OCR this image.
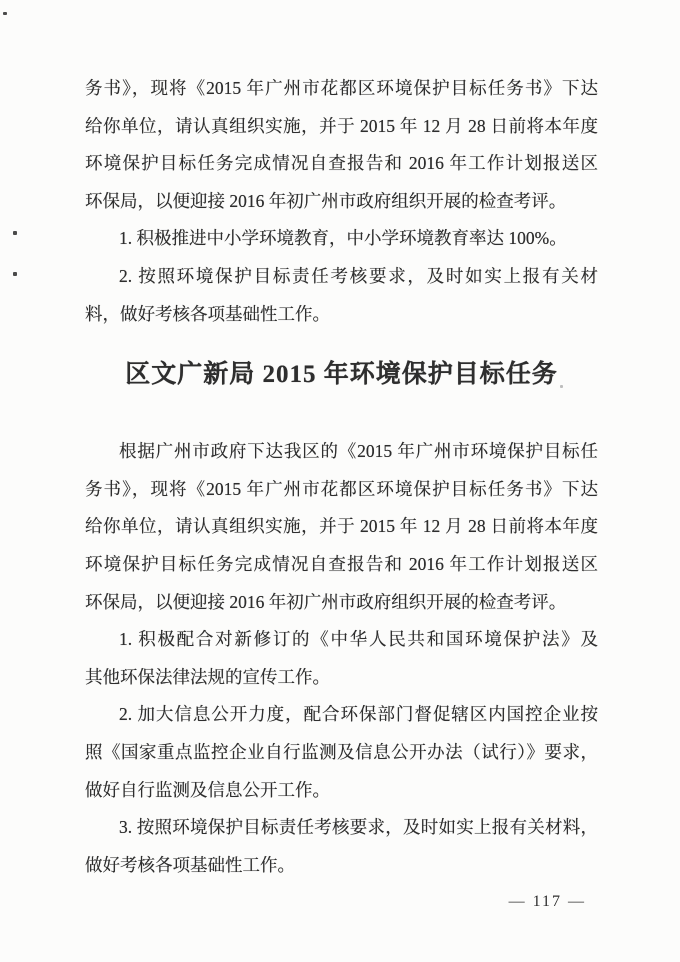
务书》，现将《2015 年广州市花都区环境保护目标任务书》下达
给你单位，请认真组织实施，并于 2015 年 12 月 28 日前将本年度
环境保护目标任务完成情况自查报告和 2016 年工作计划报送区
环保局，以便迎接 2016 年初广州市政府组织开展的检查考评。
1. 积极推进中小学环境教育，中小学环境教育率达 100%。
2. 按照环境保护目标责任考核要求，及时如实上报有关材
料，做好考核各项基础性工作。
区文广新局 2015 年环境保护目标任务
根据广州市政府下达我区的《2015 年广州市环境保护目标任
务书》，现将《2015 年广州市花都区环境保护目标任务书》下达
给你单位，请认真组织实施，并于 2015 年 12 月 28 日前将本年度
环境保护目标任务完成情况自查报告和 2016 年工作计划报送区
环保局，以便迎接 2016 年初广州市政府组织开展的检查考评。
1. 积极配合对新修订的《中华人民共和国环境保护法》及
其他环保法律法规的宣传工作。
2. 加大信息公开力度，配合环保部门督促辖区内国控企业按
照《国家重点监控企业自行监测及信息公开办法（试行）》要求，
做好自行监测及信息公开工作。
3. 按照环境保护目标责任考核要求，及时如实上报有关材料，
做好考核各项基础性工作。
— 117 —
